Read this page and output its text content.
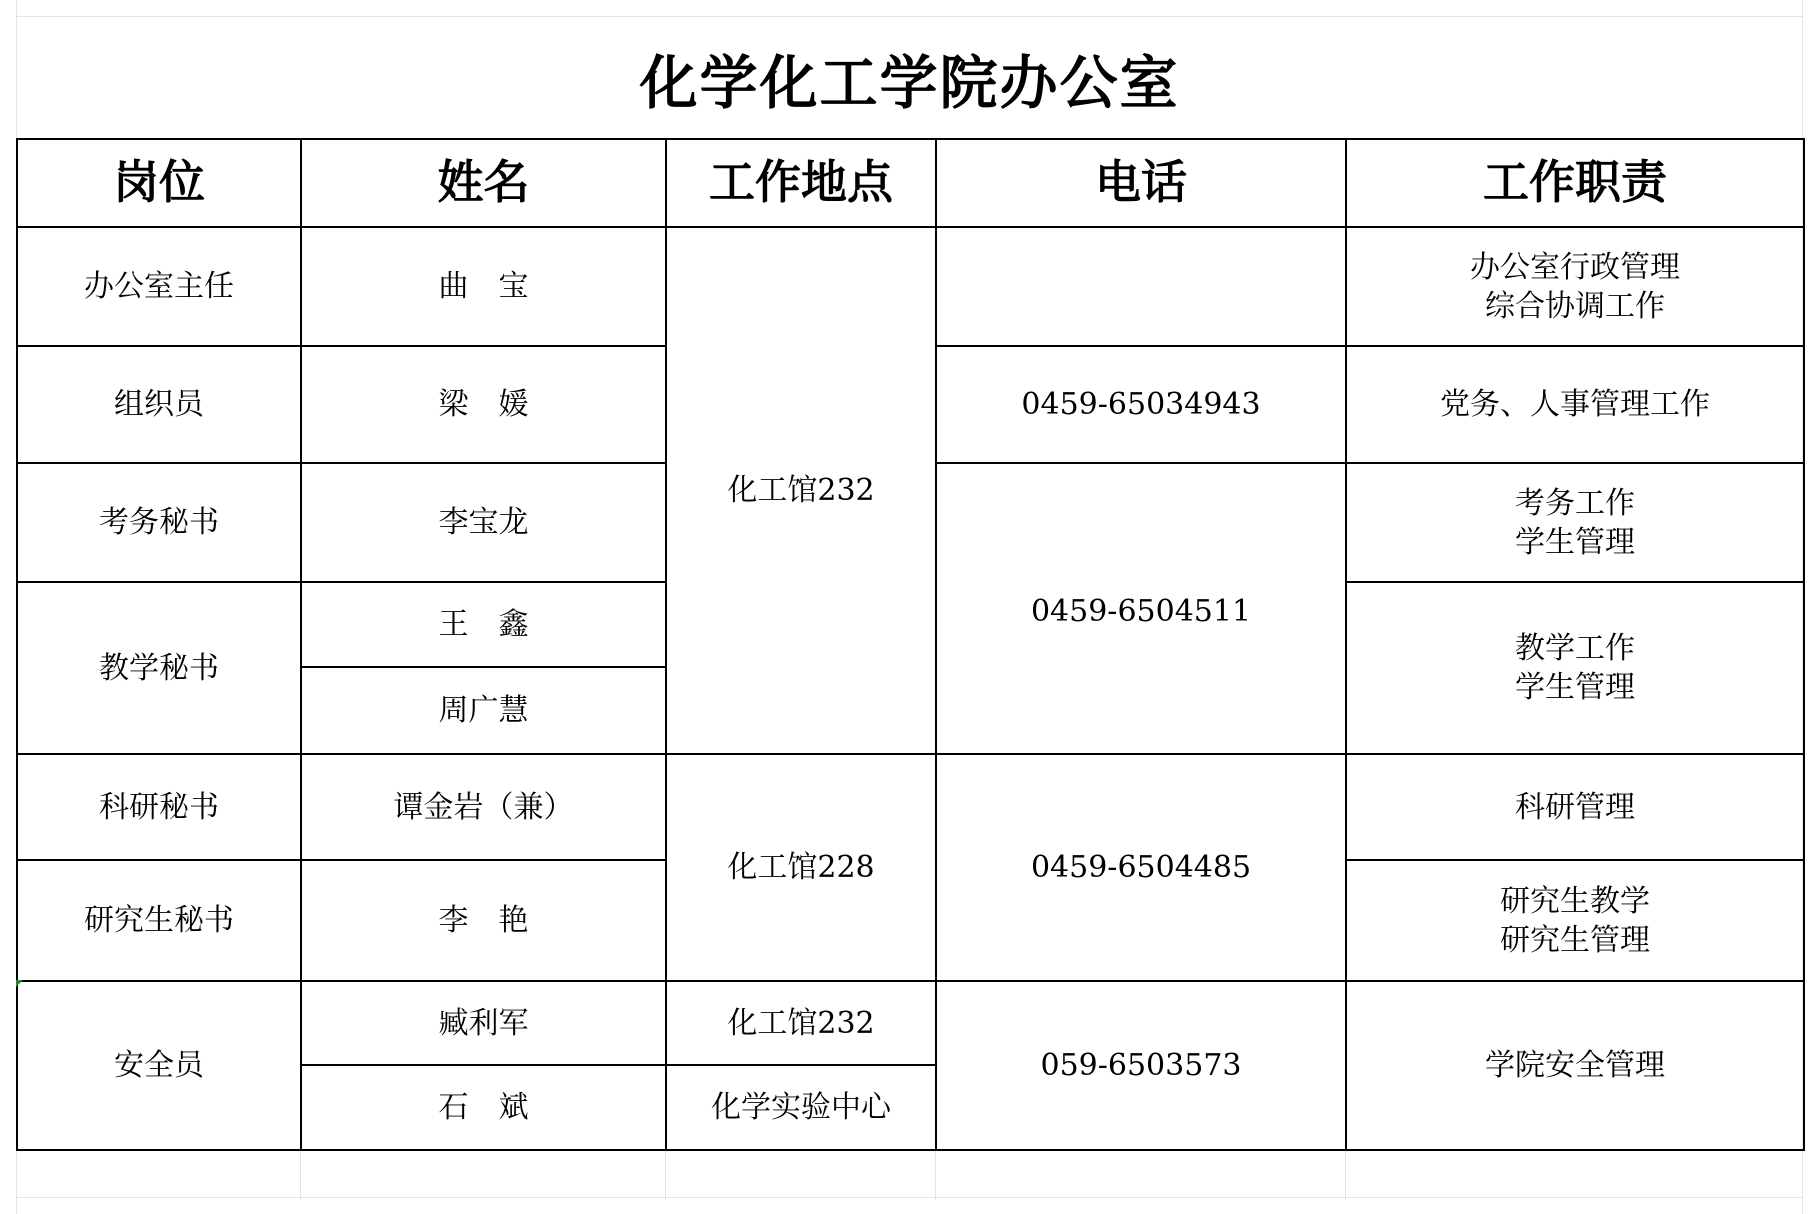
化学化工学院办公室
岗位	姓名	工作地点	电话	工作职责
办公室主任	曲　宝	化工馆232		办公室行政管理
综合协调工作

组织员	梁　媛		0459-65034943	党务、人事管理工作

考务秘书	李宝龙		0459-6504511	考务工作
学生管理

教学秘书	王　鑫			教学工作
学生管理

	周广慧			
科研秘书	谭金岩（兼）	化工馆228	0459-6504485	科研管理

研究生秘书	李　艳			研究生教学
研究生管理

安全员	臧利军	化工馆232	059-6503573	学院安全管理

	石　斌	化学实验中心		
